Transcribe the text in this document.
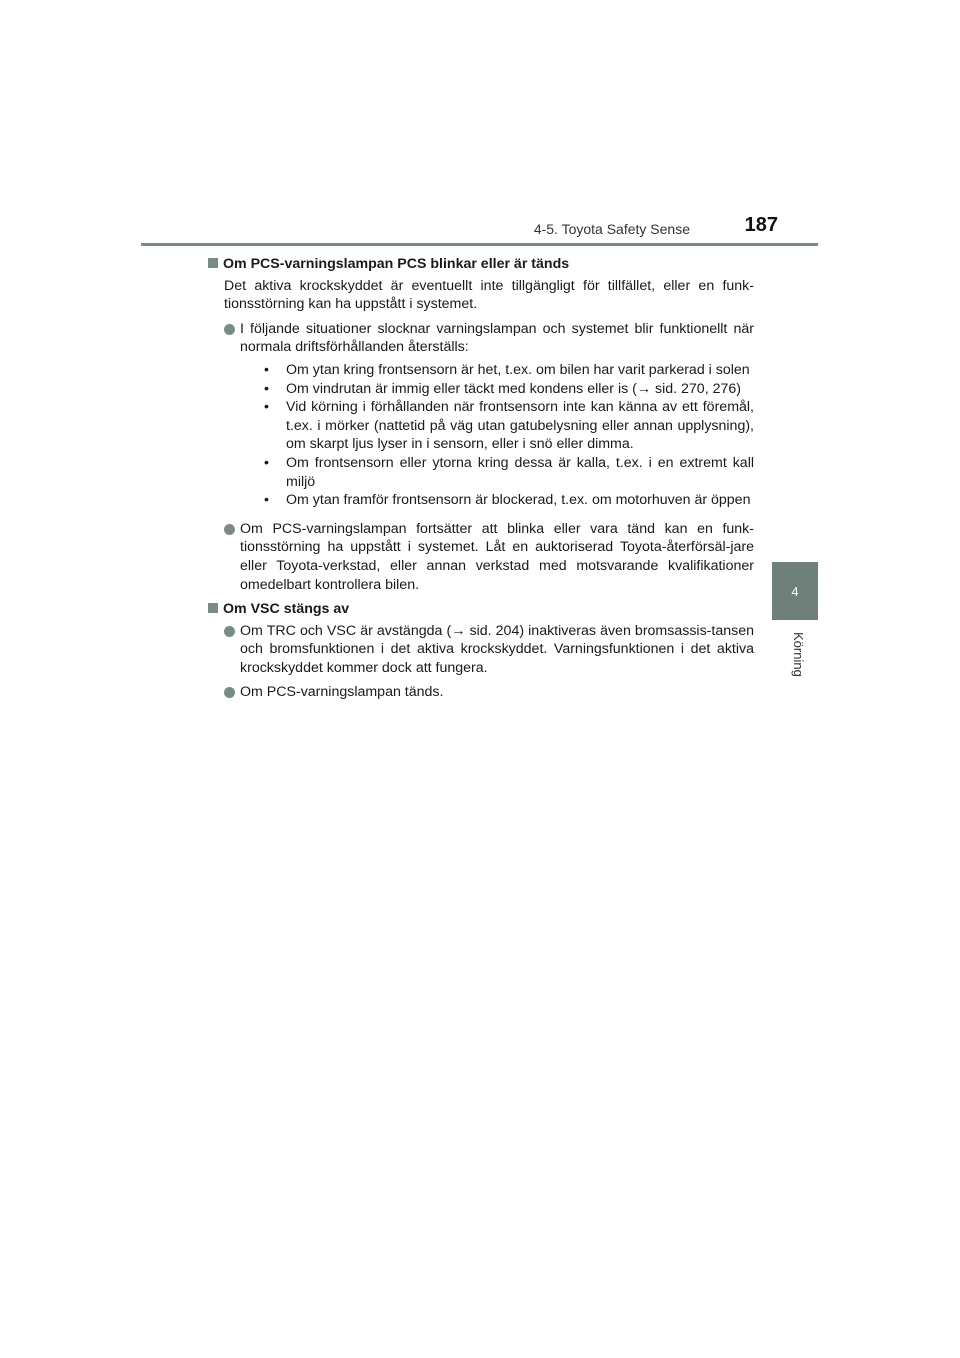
4-5. Toyota Safety Sense	187
4
Körning
Om PCS-varningslampan PCS blinkar eller är tänds
Det aktiva krockskyddet är eventuellt inte tillgängligt för tillfället, eller en funk-tionsstörning kan ha uppstått i systemet.
I följande situationer slocknar varningslampan och systemet blir funktionellt när normala driftsförhållanden återställs:
•	Om ytan kring frontsensorn är het, t.ex. om bilen har varit parkerad i solen
•	Om vindrutan är immig eller täckt med kondens eller is (→ sid. 270, 276)
•	Vid körning i förhållanden när frontsensorn inte kan känna av ett föremål, t.ex. i mörker (nattetid på väg utan gatubelysning eller annan upplysning), om skarpt ljus lyser in i sensorn, eller i snö eller dimma.
•	Om frontsensorn eller ytorna kring dessa är kalla, t.ex. i en extremt kall miljö
•	Om ytan framför frontsensorn är blockerad, t.ex. om motorhuven är öppen
Om PCS-varningslampan fortsätter att blinka eller vara tänd kan en funk-tionsstörning ha uppstått i systemet. Låt en auktoriserad Toyota-återförsäl-jare eller Toyota-verkstad, eller annan verkstad med motsvarande kvalifikationer omedelbart kontrollera bilen.
Om VSC stängs av
Om TRC och VSC är avstängda (→ sid. 204) inaktiveras även bromsassis-tansen och bromsfunktionen i det aktiva krockskyddet. Varningsfunktionen i det aktiva krockskyddet kommer dock att fungera.
Om PCS-varningslampan tänds.
